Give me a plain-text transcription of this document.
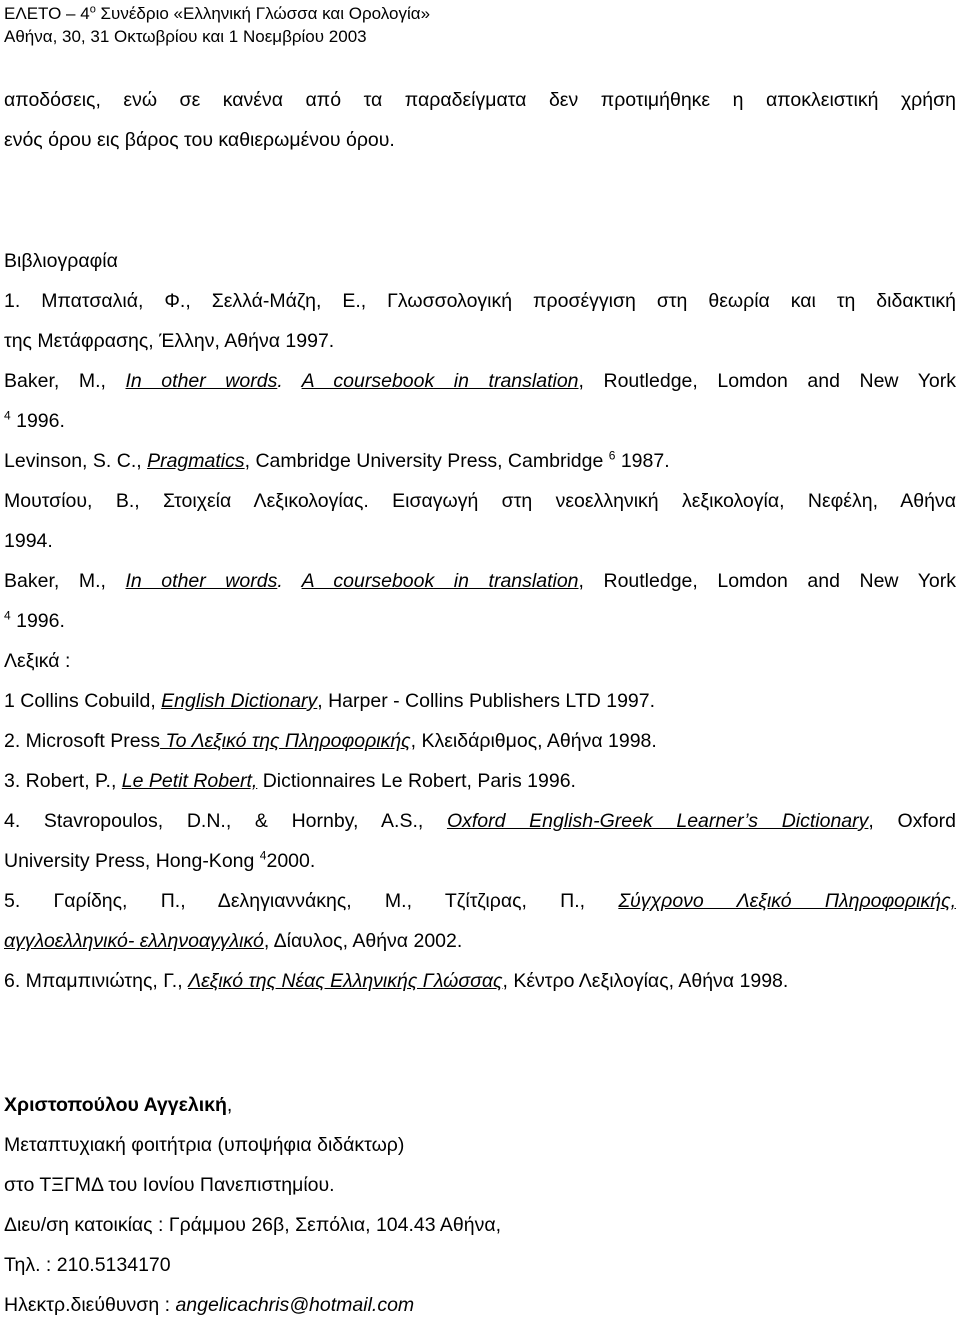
ΕΛΕΤΟ – $4^o$ Συνέδριο «Ελληνική Γλώσσα και Ορολογία»
Αθήνα, 30, 31 Οκτωβρίου και 1 Νοεμβρίου 2003
αποδόσεις, ενώ σε κανένα από τα παραδείγματα δεν προτιμήθηκε η αποκλειστική χρήση
ενός όρου εις βάρος του καθιερωμένου όρου.
Βιβλιογραφία
1. Μπατσαλιά, Φ., Σελλά-Μάζη, Ε., Γλωσσολογική προσέγγιση στη θεωρία και τη διδακτική
της Μετάφρασης, Έλλην, Αθήνα 1997.
Baker, M., In other words. A coursebook in translation, Routledge, Lomdon and New York
$^4$ 1996.
Levinson, S. C., Pragmatics, Cambridge University Press, Cambridge $^6$ 1987.
Μουτσίου, Β., Στοιχεία Λεξικολογίας. Εισαγωγή στη νεοελληνική λεξικολογία, Νεφέλη, Αθήνα
1994.
Baker, M., In other words. A coursebook in translation, Routledge, Lomdon and New York
$^4$ 1996.
Λεξικά :
1 Collins Cobuild, English Dictionary, Harper - Collins Publishers LTD 1997.
2. Microsoft Press Το Λεξικό της Πληροφορικής, Κλειδάριθμος, Αθήνα 1998.
3. Robert, P., Le Petit Robert, Dictionnaires Le Robert, Paris 1996.
4. Stavropoulos, D.N., & Hornby, A.S., Oxford English-Greek Learner’s Dictionary, Oxford
University Press, Hong-Kong $^4$2000.
5. Γαρίδης, Π., Δεληγιαννάκης, Μ., Τζίτζιρας, Π., Σύγχρονο Λεξικό Πληροφορικής,
αγγλοελληνικό- ελληνοαγγλικό, Δίαυλος, Αθήνα 2002.
6. Μπαμπινιώτης, Γ., Λεξικό της Νέας Ελληνικής Γλώσσας, Κέντρο Λεξιλογίας, Αθήνα 1998.
Χριστοπούλου Αγγελική,
Μεταπτυχιακή φοιτήτρια (υποψήφια διδάκτωρ)
στο ΤΞΓΜΔ του Ιονίου Πανεπιστημίου.
Διευ/ση κατοικίας : Γράμμου 26β, Σεπόλια, 104.43 Αθήνα,
Τηλ. : 210.5134170
Ηλεκτρ.διεύθυνση : angelicachris@hotmail.com
